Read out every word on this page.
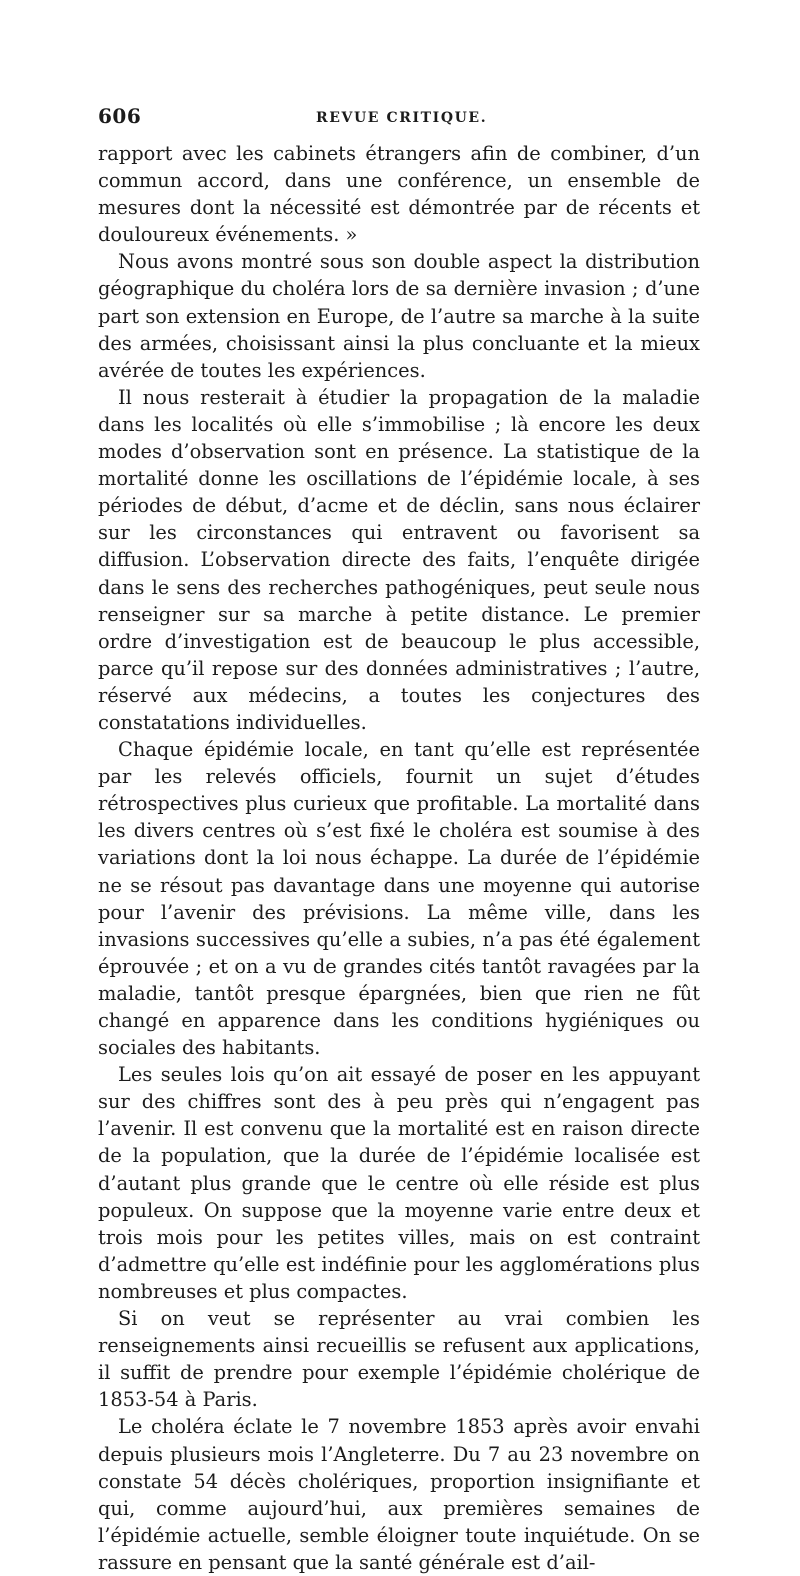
606	REVUE CRITIQUE.

rapport avec les cabinets étrangers afin de combiner, d’un commun accord, dans une conférence, un ensemble de mesures dont la nécessité est démontrée par de récents et douloureux événements. »

Nous avons montré sous son double aspect la distribution géographique du choléra lors de sa dernière invasion ; d’une part son extension en Europe, de l’autre sa marche à la suite des armées, choisissant ainsi la plus concluante et la mieux avérée de toutes les expériences.

Il nous resterait à étudier la propagation de la maladie dans les localités où elle s’immobilise ; là encore les deux modes d’observation sont en présence. La statistique de la mortalité donne les oscillations de l’épidémie locale, à ses périodes de début, d’acme et de déclin, sans nous éclairer sur les circonstances qui entravent ou favorisent sa diffusion. L’observation directe des faits, l’enquête dirigée dans le sens des recherches pathogéniques, peut seule nous renseigner sur sa marche à petite distance. Le premier ordre d’investigation est de beaucoup le plus accessible, parce qu’il repose sur des données administratives ; l’autre, réservé aux médecins, a toutes les conjectures des constatations individuelles.

Chaque épidémie locale, en tant qu’elle est représentée par les relevés officiels, fournit un sujet d’études rétrospectives plus curieux que profitable. La mortalité dans les divers centres où s’est fixé le choléra est soumise à des variations dont la loi nous échappe. La durée de l’épidémie ne se résout pas davantage dans une moyenne qui autorise pour l’avenir des prévisions. La même ville, dans les invasions successives qu’elle a subies, n’a pas été également éprouvée ; et on a vu de grandes cités tantôt ravagées par la maladie, tantôt presque épargnées, bien que rien ne fût changé en apparence dans les conditions hygiéniques ou sociales des habitants.

Les seules lois qu’on ait essayé de poser en les appuyant sur des chiffres sont des à peu près qui n’engagent pas l’avenir. Il est convenu que la mortalité est en raison directe de la population, que la durée de l’épidémie localisée est d’autant plus grande que le centre où elle réside est plus populeux. On suppose que la moyenne varie entre deux et trois mois pour les petites villes, mais on est contraint d’admettre qu’elle est indéfinie pour les agglomérations plus nombreuses et plus compactes.

Si on veut se représenter au vrai combien les renseignements ainsi recueillis se refusent aux applications, il suffit de prendre pour exemple l’épidémie cholérique de 1853-54 à Paris.

Le choléra éclate le 7 novembre 1853 après avoir envahi depuis plusieurs mois l’Angleterre. Du 7 au 23 novembre on constate 54 décès cholériques, proportion insignifiante et qui, comme aujourd’hui, aux premières semaines de l’épidémie actuelle, semble éloigner toute inquiétude. On se rassure en pensant que la santé générale est d’ail-
